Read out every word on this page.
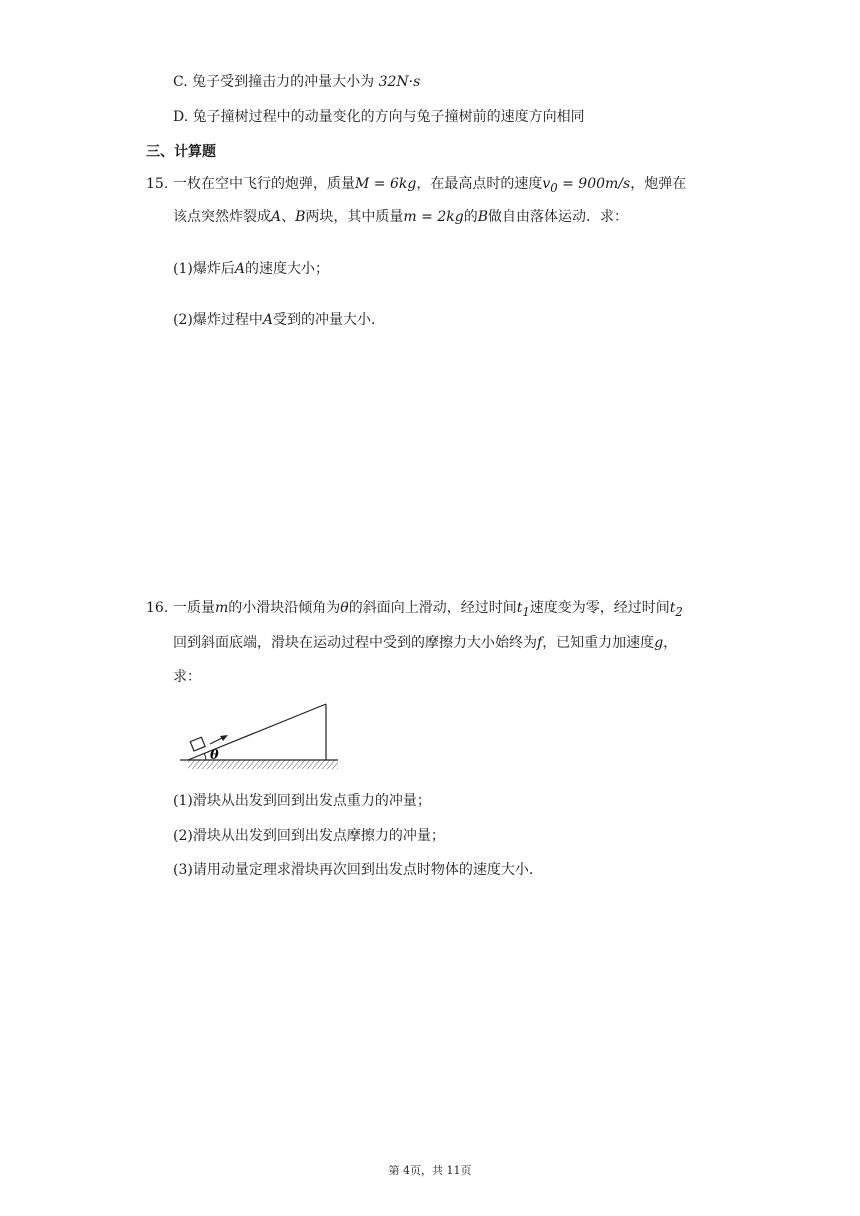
C. 兔子受到撞击力的冲量大小为 32N·s
D. 兔子撞树过程中的动量变化的方向与兔子撞树前的速度方向相同
三、计算题
15. 一枚在空中飞行的炮弹，质量M = 6kg，在最高点时的速度$v_0 = 900m/s$，炮弹在
该点突然炸裂成A、B两块，其中质量m = 2kg的B做自由落体运动．求：
(1)爆炸后A的速度大小；
(2)爆炸过程中A受到的冲量大小．
16. 一质量m的小滑块沿倾角为θ的斜面向上滑动，经过时间$t_1$速度变为零，经过时间$t_2$
回到斜面底端，滑块在运动过程中受到的摩擦力大小始终为f，已知重力加速度g，
求：
θ
(1)滑块从出发到回到出发点重力的冲量；
(2)滑块从出发到回到出发点摩擦力的冲量；
(3)请用动量定理求滑块再次回到出发点时物体的速度大小．
第 4页，共 11页
